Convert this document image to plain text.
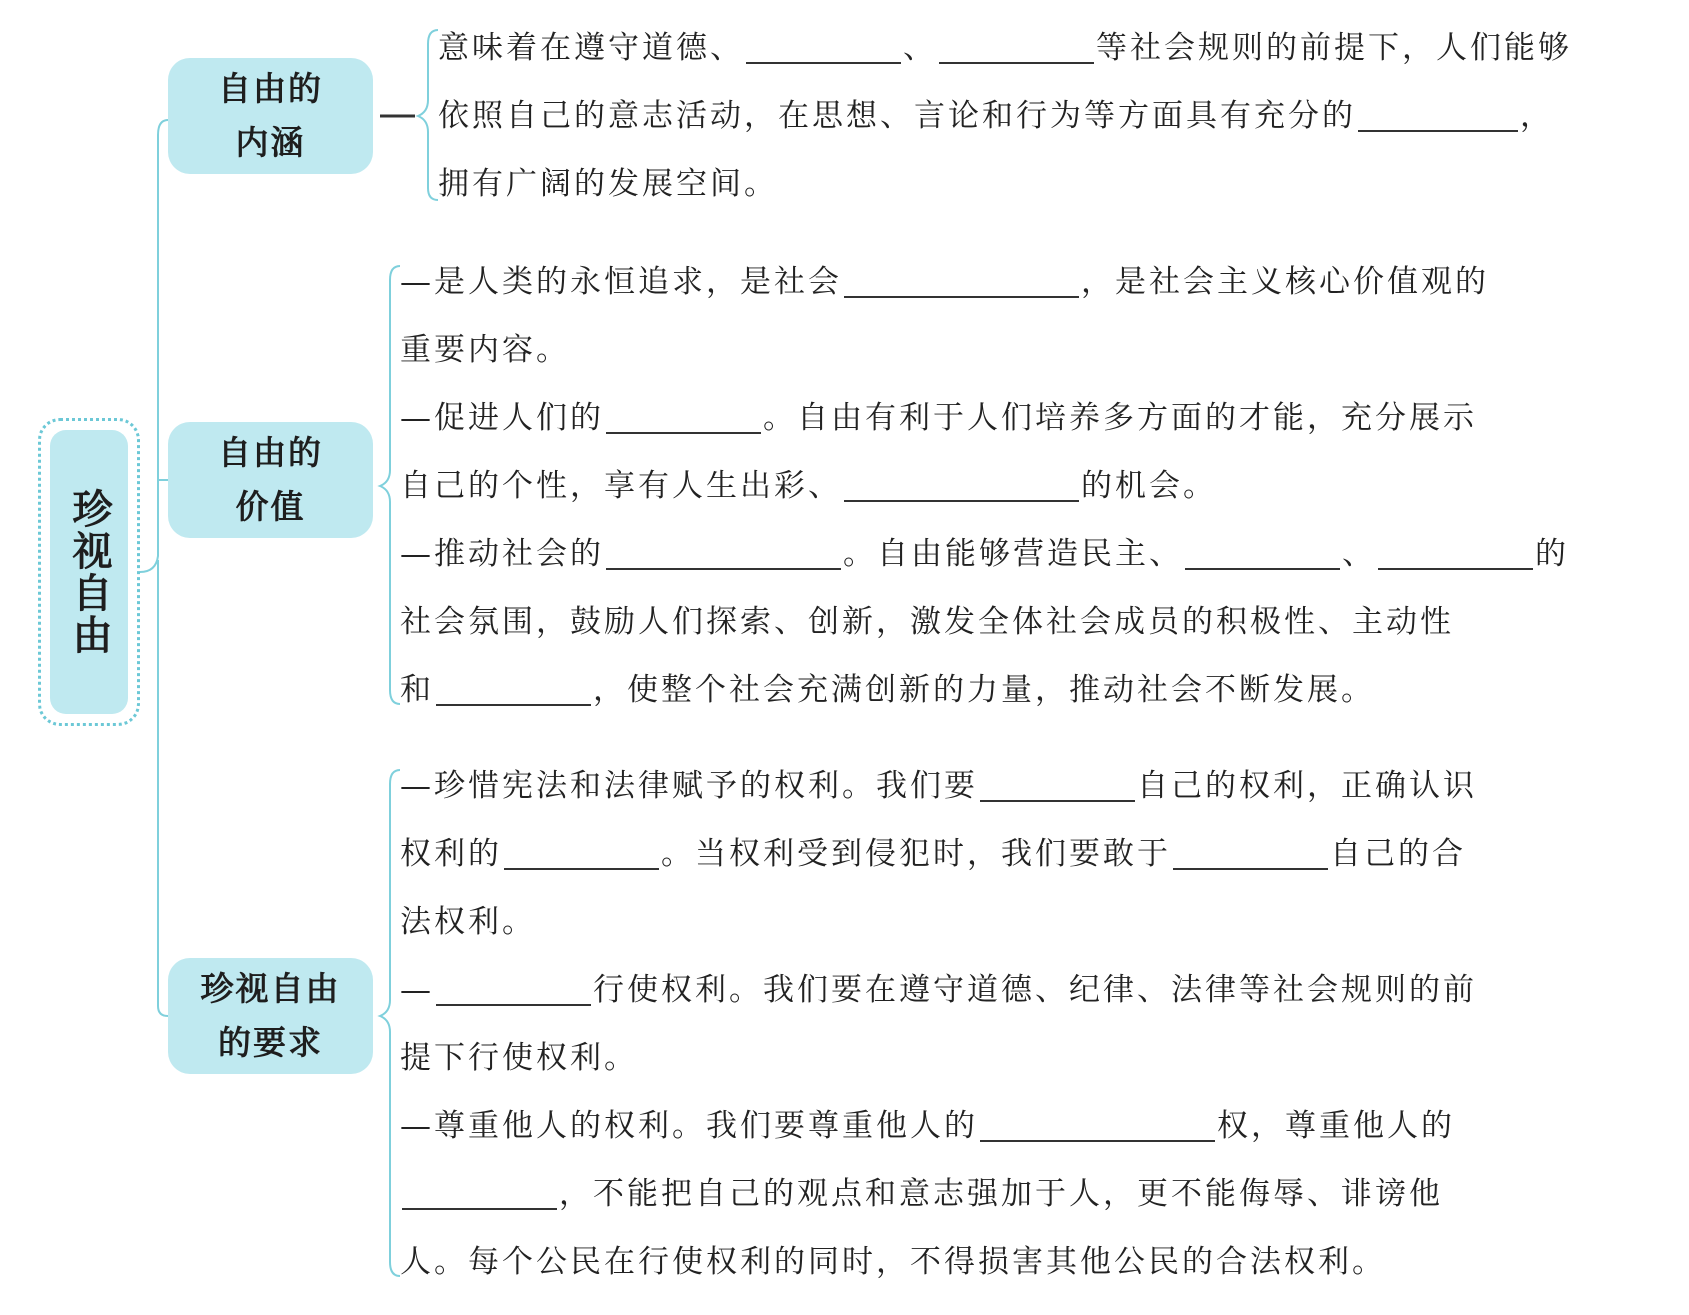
珍视自由
自由的
内涵
自由的
价值
珍视自由
的要求
意味着在遵守道德、	、	等社会规则的前提下，人们能够
依照自己的意志活动，在思想、言论和行为等方面具有充分的	，
拥有广阔的发展空间。
—是人类的永恒追求，是社会	，是社会主义核心价值观的
重要内容。
—促进人们的	。自由有利于人们培养多方面的才能，充分展示
自己的个性，享有人生出彩、	的机会。
—推动社会的	。自由能够营造民主、	、	的
社会氛围，鼓励人们探索、创新，激发全体社会成员的积极性、主动性
和	，使整个社会充满创新的力量，推动社会不断发展。
—珍惜宪法和法律赋予的权利。我们要	自己的权利，正确认识
权利的	。当权利受到侵犯时，我们要敢于	自己的合
法权利。
—	行使权利。我们要在遵守道德、纪律、法律等社会规则的前
提下行使权利。
—尊重他人的权利。我们要尊重他人的	权，尊重他人的
，不能把自己的观点和意志强加于人，更不能侮辱、诽谤他
人。每个公民在行使权利的同时，不得损害其他公民的合法权利。
